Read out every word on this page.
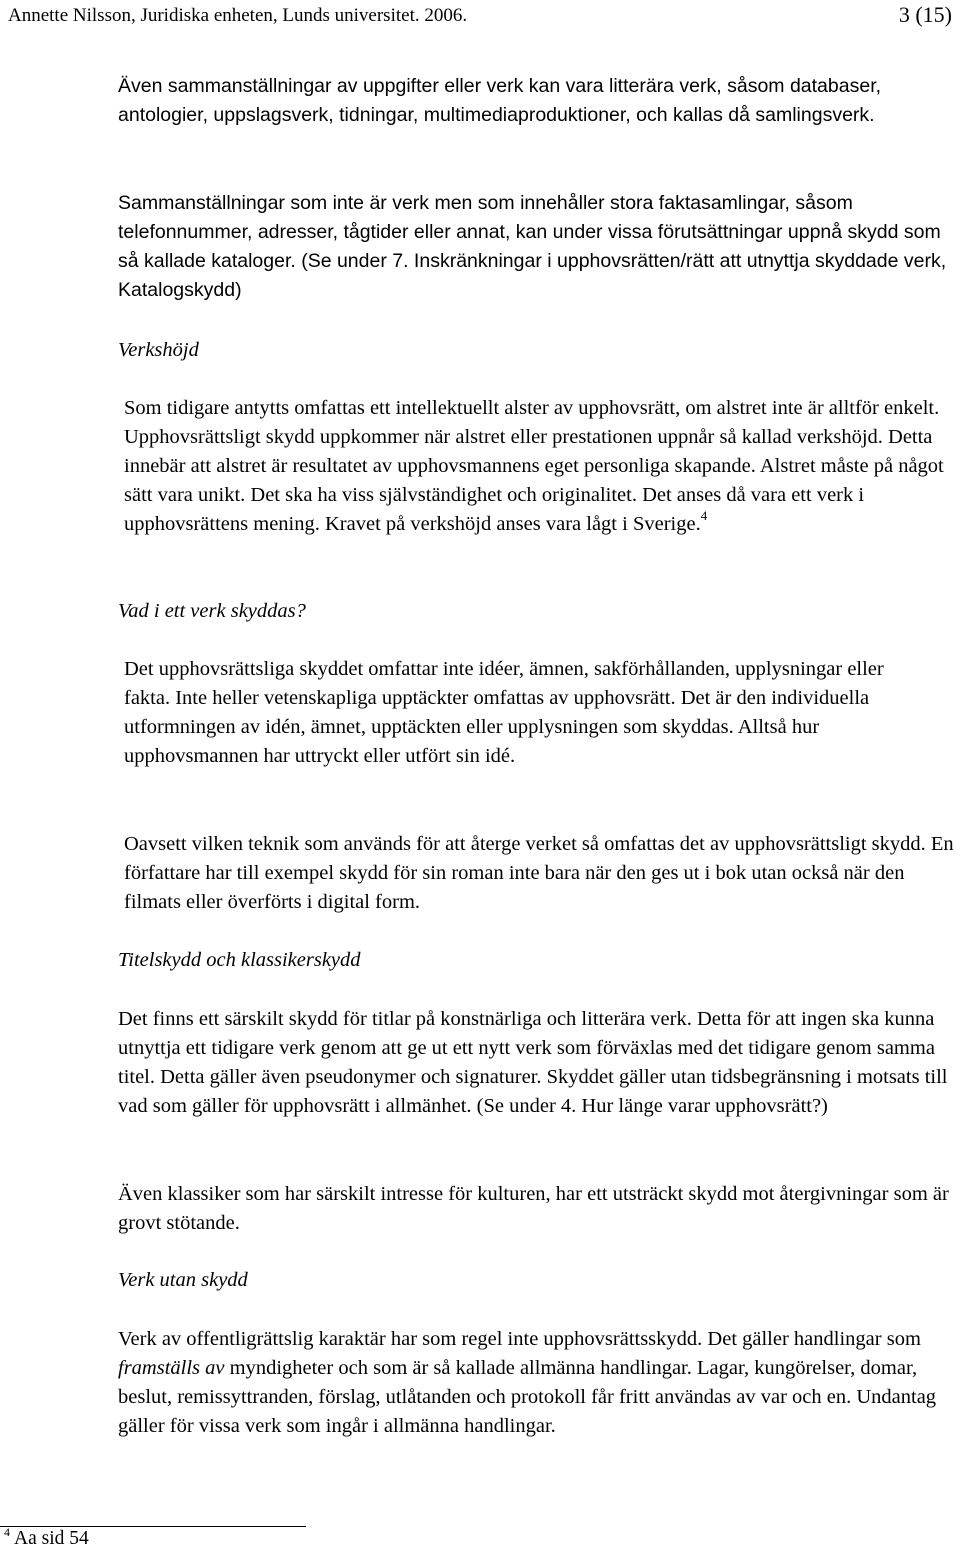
Annette Nilsson, Juridiska enheten, Lunds universitet. 2006.	3 (15)

Även sammanställningar av uppgifter eller verk kan vara litterära verk, såsom databaser, antologier, uppslagsverk, tidningar, multimediaproduktioner, och kallas då samlingsverk.

Sammanställningar som inte är verk men som innehåller stora faktasamlingar, såsom telefonnummer, adresser, tågtider eller annat, kan under vissa förutsättningar uppnå skydd som så kallade kataloger. (Se under 7. Inskränkningar i upphovsrätten/rätt att utnyttja skyddade verk, Katalogskydd)

Verkshöjd

Som tidigare antytts omfattas ett intellektuellt alster av upphovsrätt, om alstret inte är alltför enkelt. Upphovsrättsligt skydd uppkommer när alstret eller prestationen uppnår så kallad verkshöjd. Detta innebär att alstret är resultatet av upphovsmannens eget personliga skapande. Alstret måste på något sätt vara unikt. Det ska ha viss självständighet och originalitet. Det anses då vara ett verk i upphovsrättens mening. Kravet på verkshöjd anses vara lågt i Sverige.$^4$

Vad i ett verk skyddas?

Det upphovsrättsliga skyddet omfattar inte idéer, ämnen, sakförhållanden, upplysningar eller fakta. Inte heller vetenskapliga upptäckter omfattas av upphovsrätt. Det är den individuella utformningen av idén, ämnet, upptäckten eller upplysningen som skyddas. Alltså hur upphovsmannen har uttryckt eller utfört sin idé.

Oavsett vilken teknik som används för att återge verket så omfattas det av upphovsrättsligt skydd. En författare har till exempel skydd för sin roman inte bara när den ges ut i bok utan också när den filmats eller överförts i digital form.

Titelskydd och klassikerskydd

Det finns ett särskilt skydd för titlar på konstnärliga och litterära verk. Detta för att ingen ska kunna utnyttja ett tidigare verk genom att ge ut ett nytt verk som förväxlas med det tidigare genom samma titel. Detta gäller även pseudonymer och signaturer. Skyddet gäller utan tidsbegränsning i motsats till vad som gäller för upphovsrätt i allmänhet. (Se under 4. Hur länge varar upphovsrätt?)

Även klassiker som har särskilt intresse för kulturen, har ett utsträckt skydd mot återgivningar som är grovt stötande.

Verk utan skydd

Verk av offentligrättslig karaktär har som regel inte upphovsrättsskydd. Det gäller handlingar som framställs av myndigheter och som är så kallade allmänna handlingar. Lagar, kungörelser, domar, beslut, remissyttranden, förslag, utlåtanden och protokoll får fritt användas av var och en. Undantag gäller för vissa verk som ingår i allmänna handlingar.

$^4$ Aa sid 54
